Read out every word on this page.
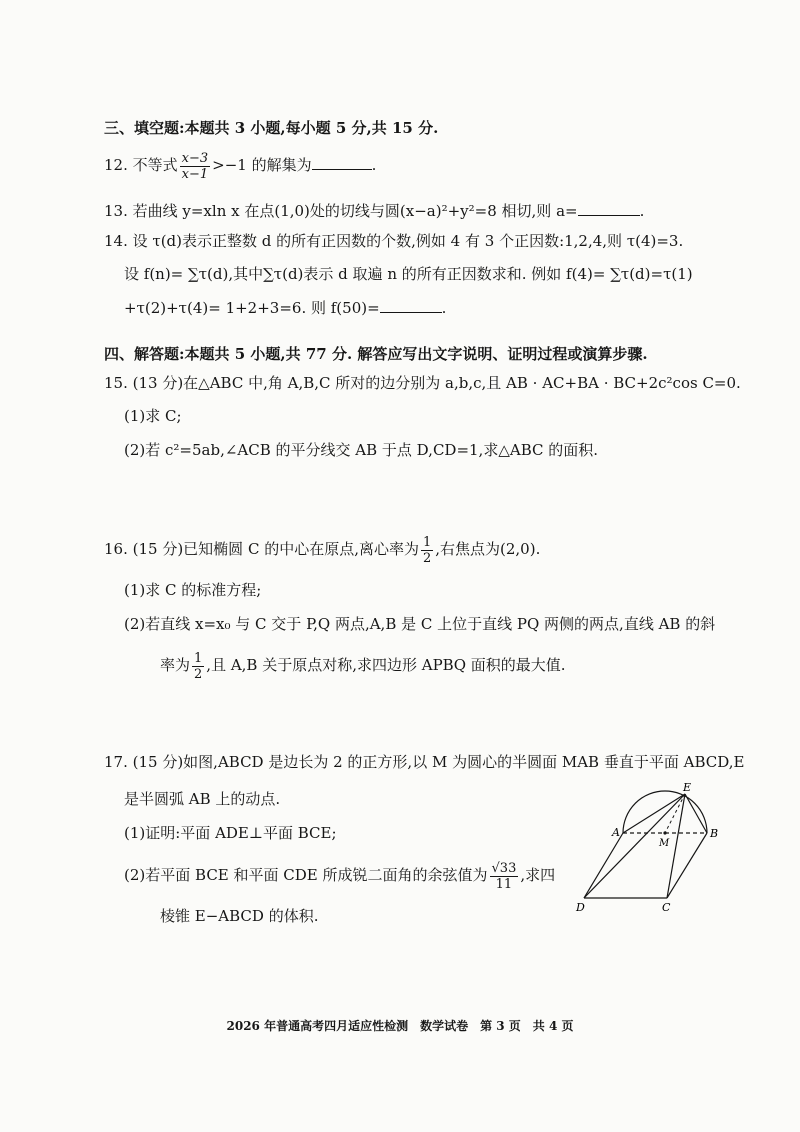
三、填空题:本题共 3 小题,每小题 5 分,共 15 分.
12. 不等式 $\frac{x-3}{x-1} >-1$ 的解集为	.
13. 若曲线 y=xln x 在点(1,0)处的切线与圆(x−a)²+y²=8 相切,则 a=	.
14. 设 τ(d)表示正整数 d 的所有正因数的个数,例如 4 有 3 个正因数:1,2,4,则 τ(4)=3.
设 f(n)= ∑τ(d),其中∑τ(d)表示 d 取遍 n 的所有正因数求和. 例如 f(4)= ∑τ(d)=τ(1)
+τ(2)+τ(4)= 1+2+3=6. 则 f(50)=	.
四、解答题:本题共 5 小题,共 77 分. 解答应写出文字说明、证明过程或演算步骤.
15. (13 分)在△ABC 中,角 A,B,C 所对的边分别为 a,b,c,且 AB · AC+BA · BC+2c²cos C=0.
(1)求 C;
(2)若 c²=5ab,∠ACB 的平分线交 AB 于点 D,CD=1,求△ABC 的面积.
16. (15 分)已知椭圆 C 的中心在原点,离心率为 $\frac{1}{2}$ ,右焦点为(2,0).
(1)求 C 的标准方程;
(2)若直线 x=x₀ 与 C 交于 P,Q 两点,A,B 是 C 上位于直线 PQ 两侧的两点,直线 AB 的斜
率为 $\frac{1}{2}$ ,且 A,B 关于原点对称,求四边形 APBQ 面积的最大值.
17. (15 分)如图,ABCD 是边长为 2 的正方形,以 M 为圆心的半圆面 MAB 垂直于平面 ABCD,E
是半圆弧 AB 上的动点.
(1)证明:平面 ADE⊥平面 BCE;
(2)若平面 BCE 和平面 CDE 所成锐二面角的余弦值为 $\frac{√33}{11}$ ,求四
棱锥 E−ABCD 的体积.
E
A	B
M
C
D
2026 年普通高考四月适应性检测　数学试卷　第 3 页　共 4 页
